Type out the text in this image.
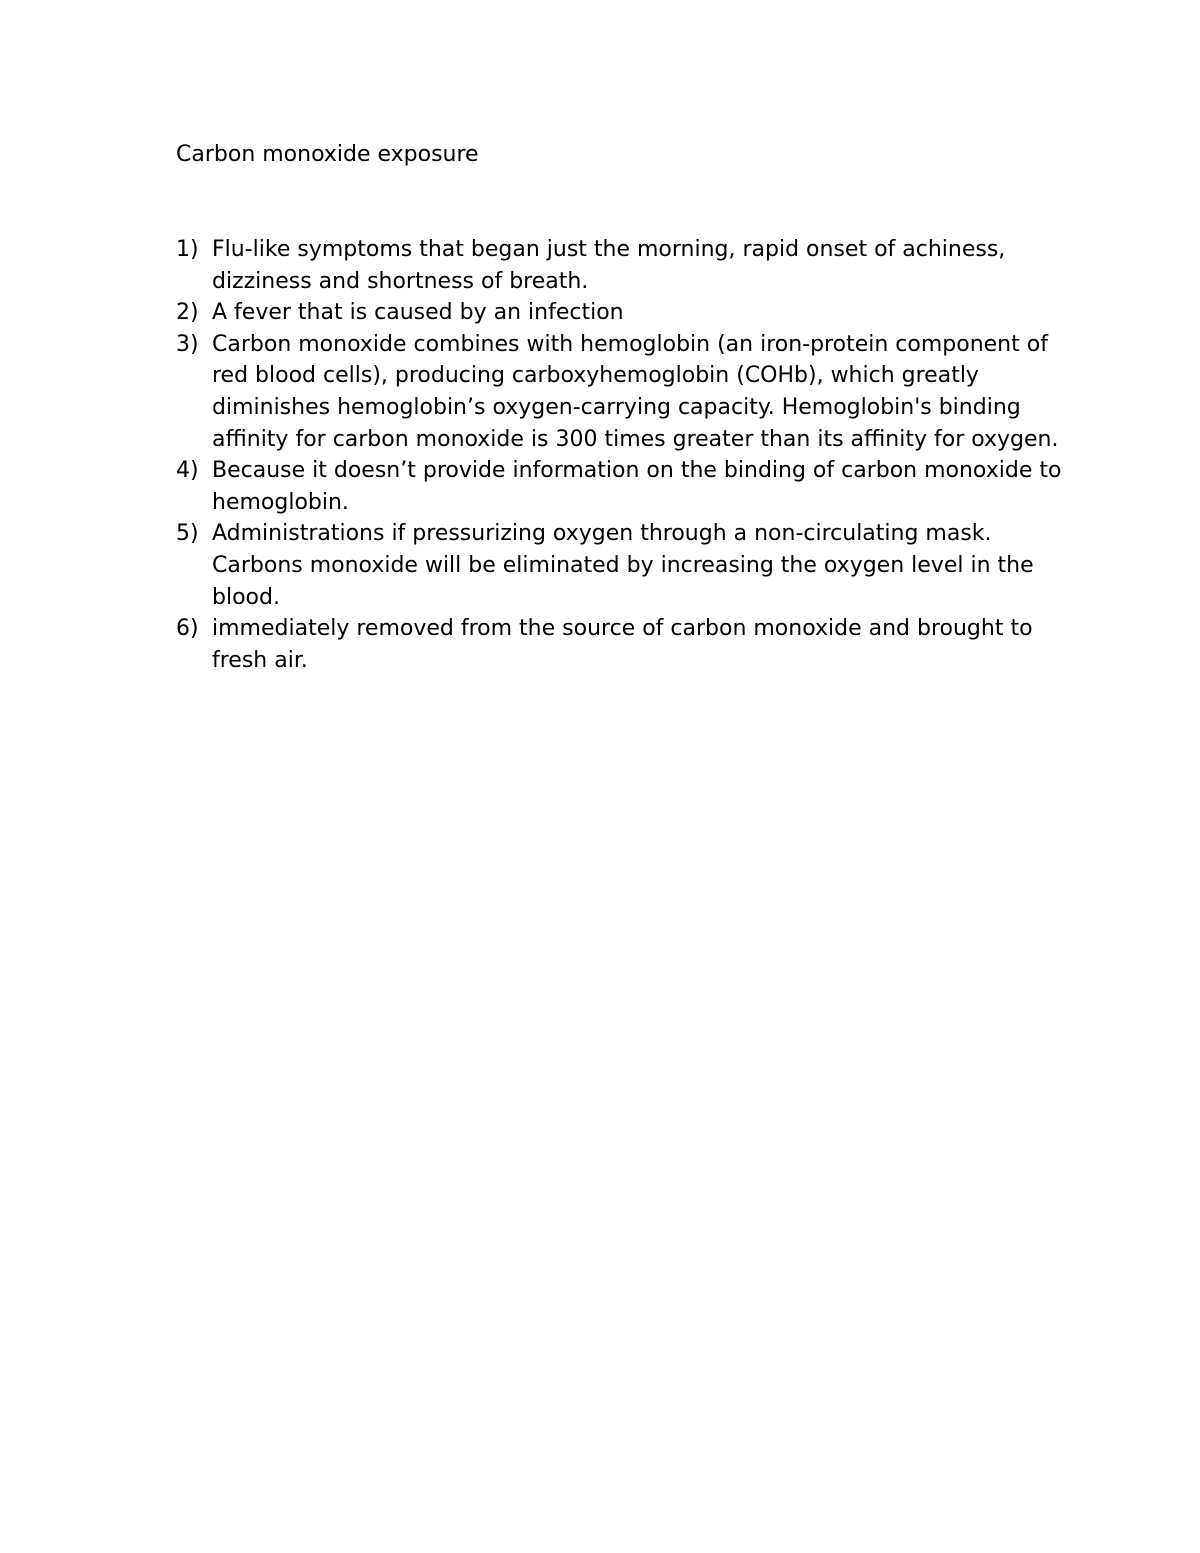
Carbon monoxide exposure
1) Flu-like symptoms that began just the morning, rapid onset of achiness, dizziness and shortness of breath.
2) A fever that is caused by an infection
3) Carbon monoxide combines with hemoglobin (an iron-protein component of red blood cells), producing carboxyhemoglobin (COHb), which greatly diminishes hemoglobin’s oxygen-carrying capacity. Hemoglobin's binding affinity for carbon monoxide is 300 times greater than its affinity for oxygen.
4) Because it doesn’t provide information on the binding of carbon monoxide to hemoglobin.
5) Administrations if pressurizing oxygen through a non-circulating mask. Carbons monoxide will be eliminated by increasing the oxygen level in the blood.
6) immediately removed from the source of carbon monoxide and brought to fresh air.
